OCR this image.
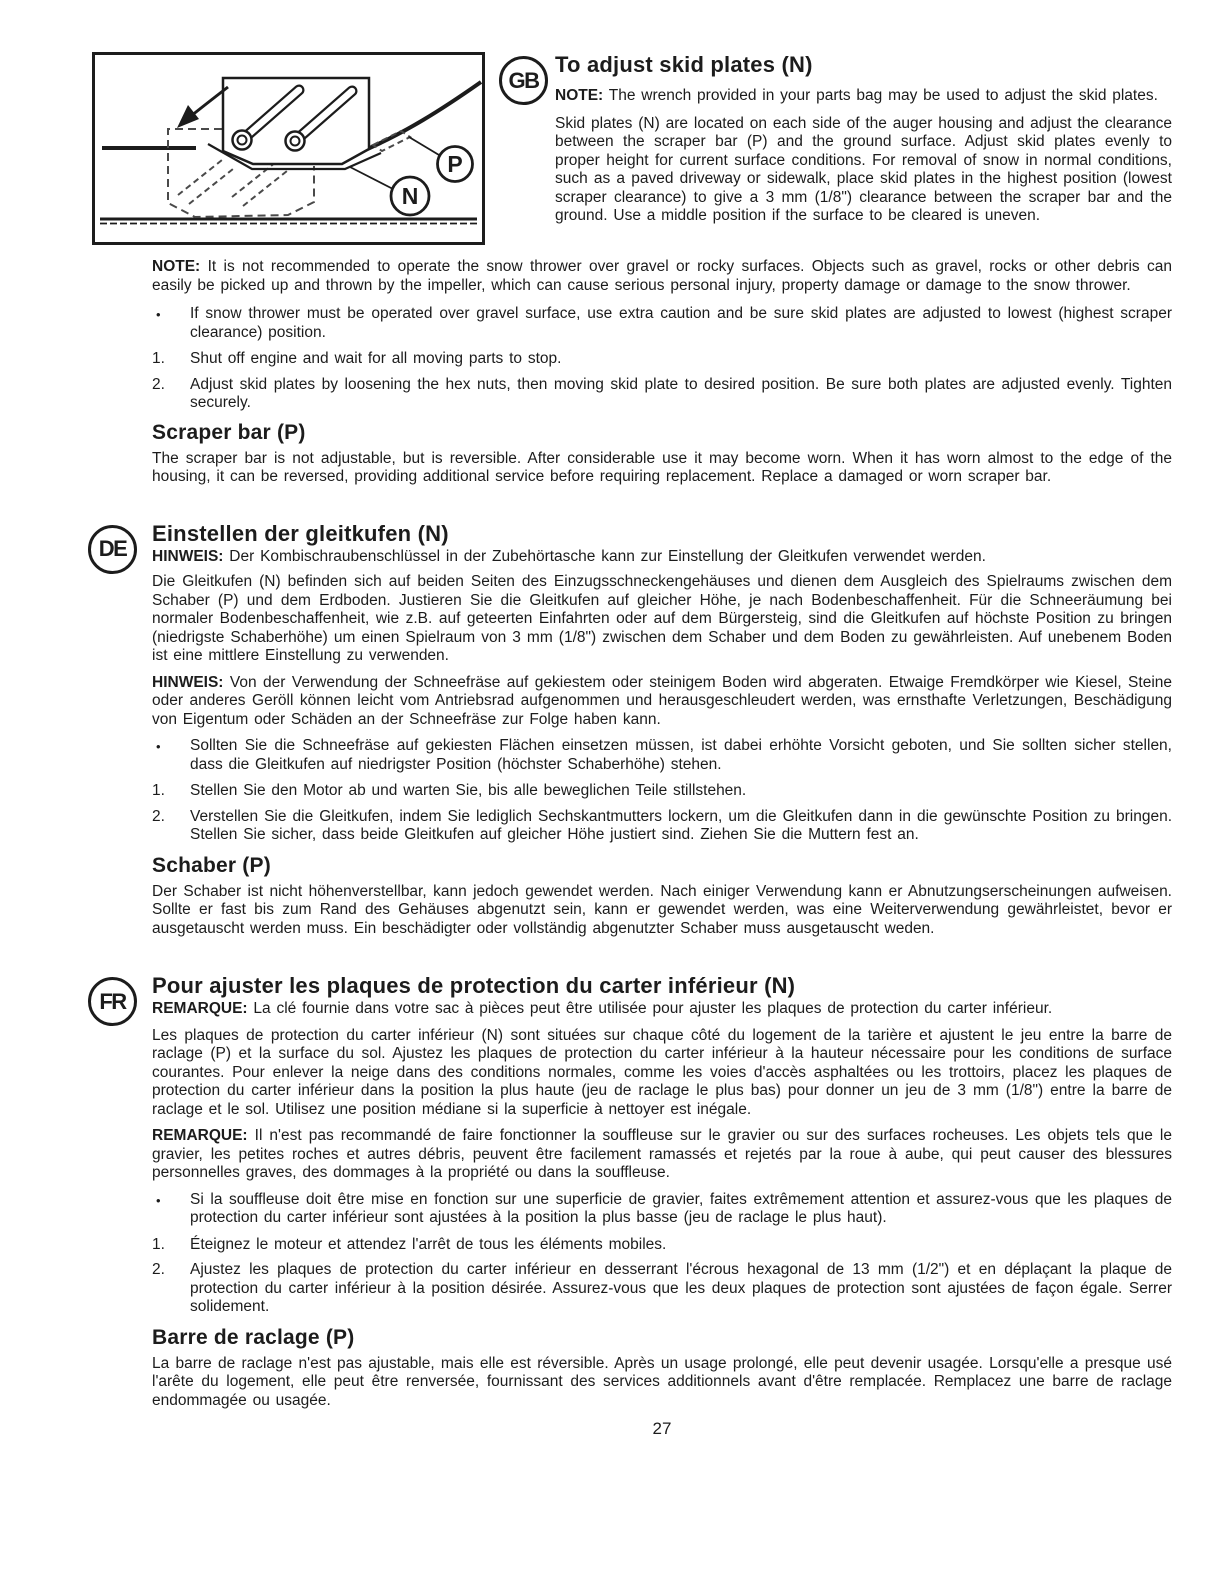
N
P
GB
To adjust skid plates (N)

NOTE: The wrench provided in your parts bag may be used to adjust the skid plates.

Skid plates (N) are located on each side of the auger housing and adjust the clearance between the scraper bar (P) and the ground surface. Adjust skid plates evenly to proper height for current surface conditions. For removal of snow in normal conditions, such as a paved driveway or sidewalk, place skid plates in the highest position (lowest scraper clearance) to give a 3 mm (1/8") clearance between the scraper bar and the ground. Use a middle position if the surface to be cleared is uneven.

NOTE: It is not recommended to operate the snow thrower over gravel or rocky surfaces. Objects such as gravel, rocks or other debris can easily be picked up and thrown by the impeller, which can cause serious personal injury, property damage or damage to the snow thrower.

•	If snow thrower must be operated over gravel surface, use extra caution and be sure skid plates are adjusted to lowest (highest scraper clearance) position.

1.	Shut off engine and wait for all moving parts to stop.

2.	Adjust skid plates by loosening the hex nuts, then moving skid plate to desired position. Be sure both plates are adjusted evenly. Tighten securely.

Scraper bar (P)

The scraper bar is not adjustable, but is reversible. After considerable use it may become worn. When it has worn almost to the edge of the housing, it can be reversed, providing additional service before requiring replacement. Replace a damaged or worn scraper bar.

DE
Einstellen der gleitkufen (N)

HINWEIS: Der Kombischraubenschlüssel in der Zubehörtasche kann zur Einstellung der Gleitkufen verwendet werden.

Die Gleitkufen (N) befinden sich auf beiden Seiten des Einzugsschneckengehäuses und dienen dem Ausgleich des Spielraums zwischen dem Schaber (P) und dem Erdboden. Justieren Sie die Gleitkufen auf gleicher Höhe, je nach Bodenbeschaffenheit. Für die Schneeräumung bei normaler Bodenbeschaffenheit, wie z.B. auf geteerten Einfahrten oder auf dem Bürgersteig, sind die Gleitkufen auf höchste Position zu bringen (niedrigste Schaberhöhe) um einen Spielraum von 3 mm (1/8") zwischen dem Schaber und dem Boden zu gewährleisten. Auf unebenem Boden ist eine mittlere Einstellung zu verwenden.

HINWEIS: Von der Verwendung der Schneefräse auf gekiestem oder steinigem Boden wird abgeraten. Etwaige Fremdkörper wie Kiesel, Steine oder anderes Geröll können leicht vom Antriebsrad aufgenommen und herausgeschleudert werden, was ernsthafte Verletzungen, Beschädigung von Eigentum oder Schäden an der Schneefräse zur Folge haben kann.

•	Sollten Sie die Schneefräse auf gekiesten Flächen einsetzen müssen, ist dabei erhöhte Vorsicht geboten, und Sie sollten sicher stellen, dass die Gleitkufen auf niedrigster Position (höchster Schaberhöhe) stehen.

1.	Stellen Sie den Motor ab und warten Sie, bis alle beweglichen Teile stillstehen.

2.	Verstellen Sie die Gleitkufen, indem Sie lediglich Sechskantmutters lockern, um die Gleitkufen dann in die gewünschte Position zu bringen. Stellen Sie sicher, dass beide Gleitkufen auf gleicher Höhe justiert sind. Ziehen Sie die Muttern fest an.

Schaber (P)

Der Schaber ist nicht höhenverstellbar, kann jedoch gewendet werden. Nach einiger Verwendung kann er Abnutzungserscheinungen aufweisen. Sollte er fast bis zum Rand des Gehäuses abgenutzt sein, kann er gewendet werden, was eine Weiterverwendung gewährleistet, bevor er ausgetauscht werden muss. Ein beschädigter oder vollständig abgenutzter Schaber muss ausgetauscht weden.

FR
Pour ajuster les plaques de protection du carter inférieur (N)

REMARQUE: La clé fournie dans votre sac à pièces peut être utilisée pour ajuster les plaques de protection du carter inférieur.

Les plaques de protection du carter inférieur (N) sont situées sur chaque côté du logement de la tarière et ajustent le jeu entre la barre de raclage (P) et la surface du sol. Ajustez les plaques de protection du carter inférieur à la hauteur nécessaire pour les conditions de surface courantes. Pour enlever la neige dans des conditions normales, comme les voies d'accès asphaltées ou les trottoirs, placez les plaques de protection du carter inférieur dans la position la plus haute (jeu de raclage le plus bas) pour donner un jeu de 3 mm (1/8") entre la barre de raclage et le sol. Utilisez une position médiane si la superficie à nettoyer est inégale.

REMARQUE: Il n'est pas recommandé de faire fonctionner la souffleuse sur le gravier ou sur des surfaces rocheuses. Les objets tels que le gravier, les petites roches et autres débris, peuvent être facilement ramassés et rejetés par la roue à aube, qui peut causer des blessures personnelles graves, des dommages à la propriété ou dans la souffleuse.

•	Si la souffleuse doit être mise en fonction sur une superficie de gravier, faites extrêmement attention et assurez-vous que les plaques de protection du carter inférieur sont ajustées à la position la plus basse (jeu de raclage le plus haut).

1.	Éteignez le moteur et attendez l'arrêt de tous les éléments mobiles.

2.	Ajustez les plaques de protection du carter inférieur en desserrant l'écrous hexagonal de 13 mm (1/2") et en déplaçant la plaque de protection du carter inférieur à la position désirée. Assurez-vous que les deux plaques de protection sont ajustées de façon égale. Serrer solidement.

Barre de raclage (P)

La barre de raclage n'est pas ajustable, mais elle est réversible. Après un usage prolongé, elle peut devenir usagée. Lorsqu'elle a presque usé l'arête du logement, elle peut être renversée, fournissant des services additionnels avant d'être remplacée. Remplacez une barre de raclage endommagée ou usagée.

27
